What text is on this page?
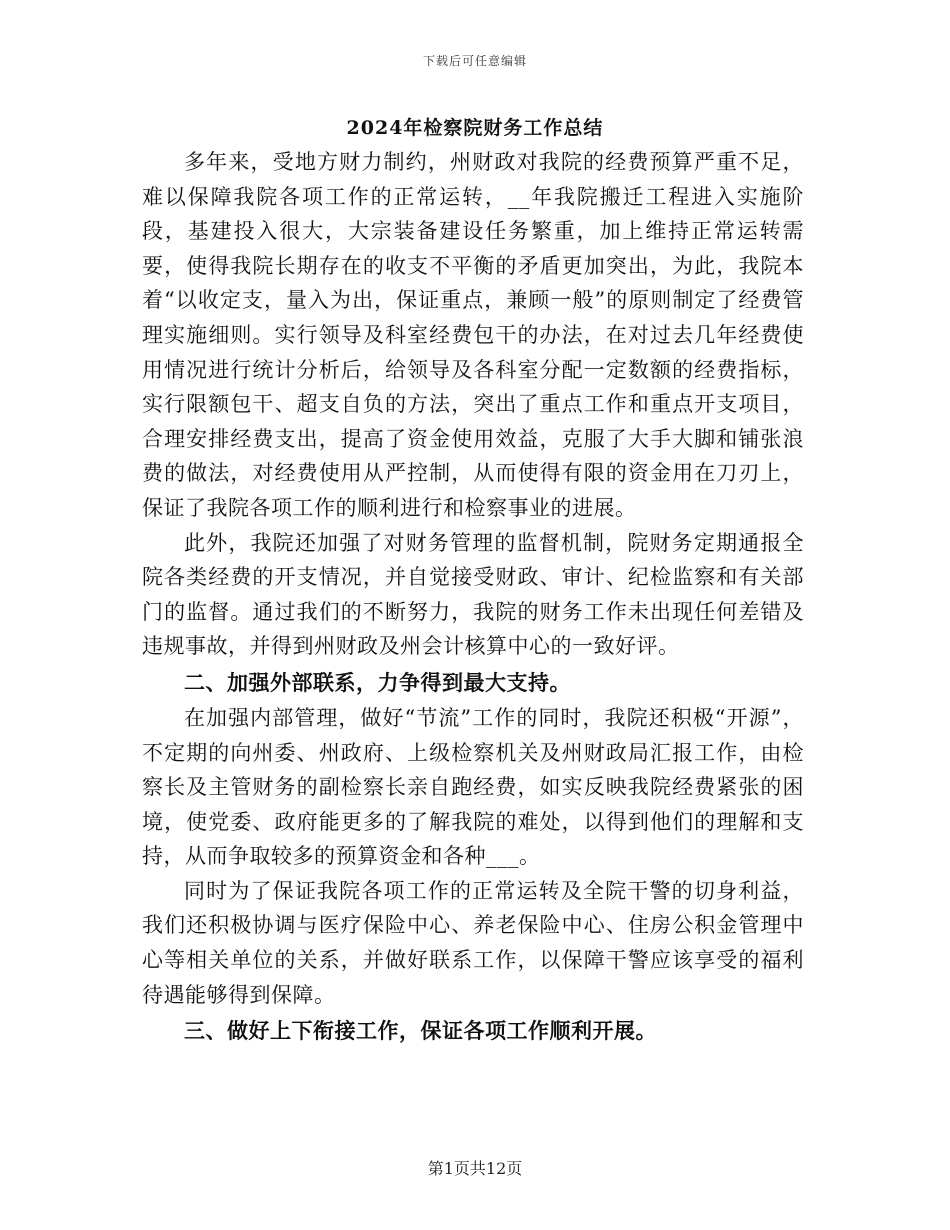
下载后可任意编辑
2024年检察院财务工作总结

多年来，受地方财力制约，州财政对我院的经费预算严重不足，难以保障我院各项工作的正常运转，__年我院搬迁工程进入实施阶段，基建投入很大，大宗装备建设任务繁重，加上维持正常运转需要，使得我院长期存在的收支不平衡的矛盾更加突出，为此，我院本着“以收定支，量入为出，保证重点，兼顾一般”的原则制定了经费管理实施细则。实行领导及科室经费包干的办法，在对过去几年经费使用情况进行统计分析后，给领导及各科室分配一定数额的经费指标，实行限额包干、超支自负的方法，突出了重点工作和重点开支项目，合理安排经费支出，提高了资金使用效益，克服了大手大脚和铺张浪费的做法，对经费使用从严控制，从而使得有限的资金用在刀刃上，保证了我院各项工作的顺利进行和检察事业的进展。

此外，我院还加强了对财务管理的监督机制，院财务定期通报全院各类经费的开支情况，并自觉接受财政、审计、纪检监察和有关部门的监督。通过我们的不断努力，我院的财务工作未出现任何差错及违规事故，并得到州财政及州会计核算中心的一致好评。

二、加强外部联系，力争得到最大支持。

在加强内部管理，做好“节流”工作的同时，我院还积极“开源”，不定期的向州委、州政府、上级检察机关及州财政局汇报工作，由检察长及主管财务的副检察长亲自跑经费，如实反映我院经费紧张的困境，使党委、政府能更多的了解我院的难处，以得到他们的理解和支持，从而争取较多的预算资金和各种___。

同时为了保证我院各项工作的正常运转及全院干警的切身利益，我们还积极协调与医疗保险中心、养老保险中心、住房公积金管理中心等相关单位的关系，并做好联系工作，以保障干警应该享受的福利待遇能够得到保障。

三、做好上下衔接工作，保证各项工作顺利开展。
第1页共12页
